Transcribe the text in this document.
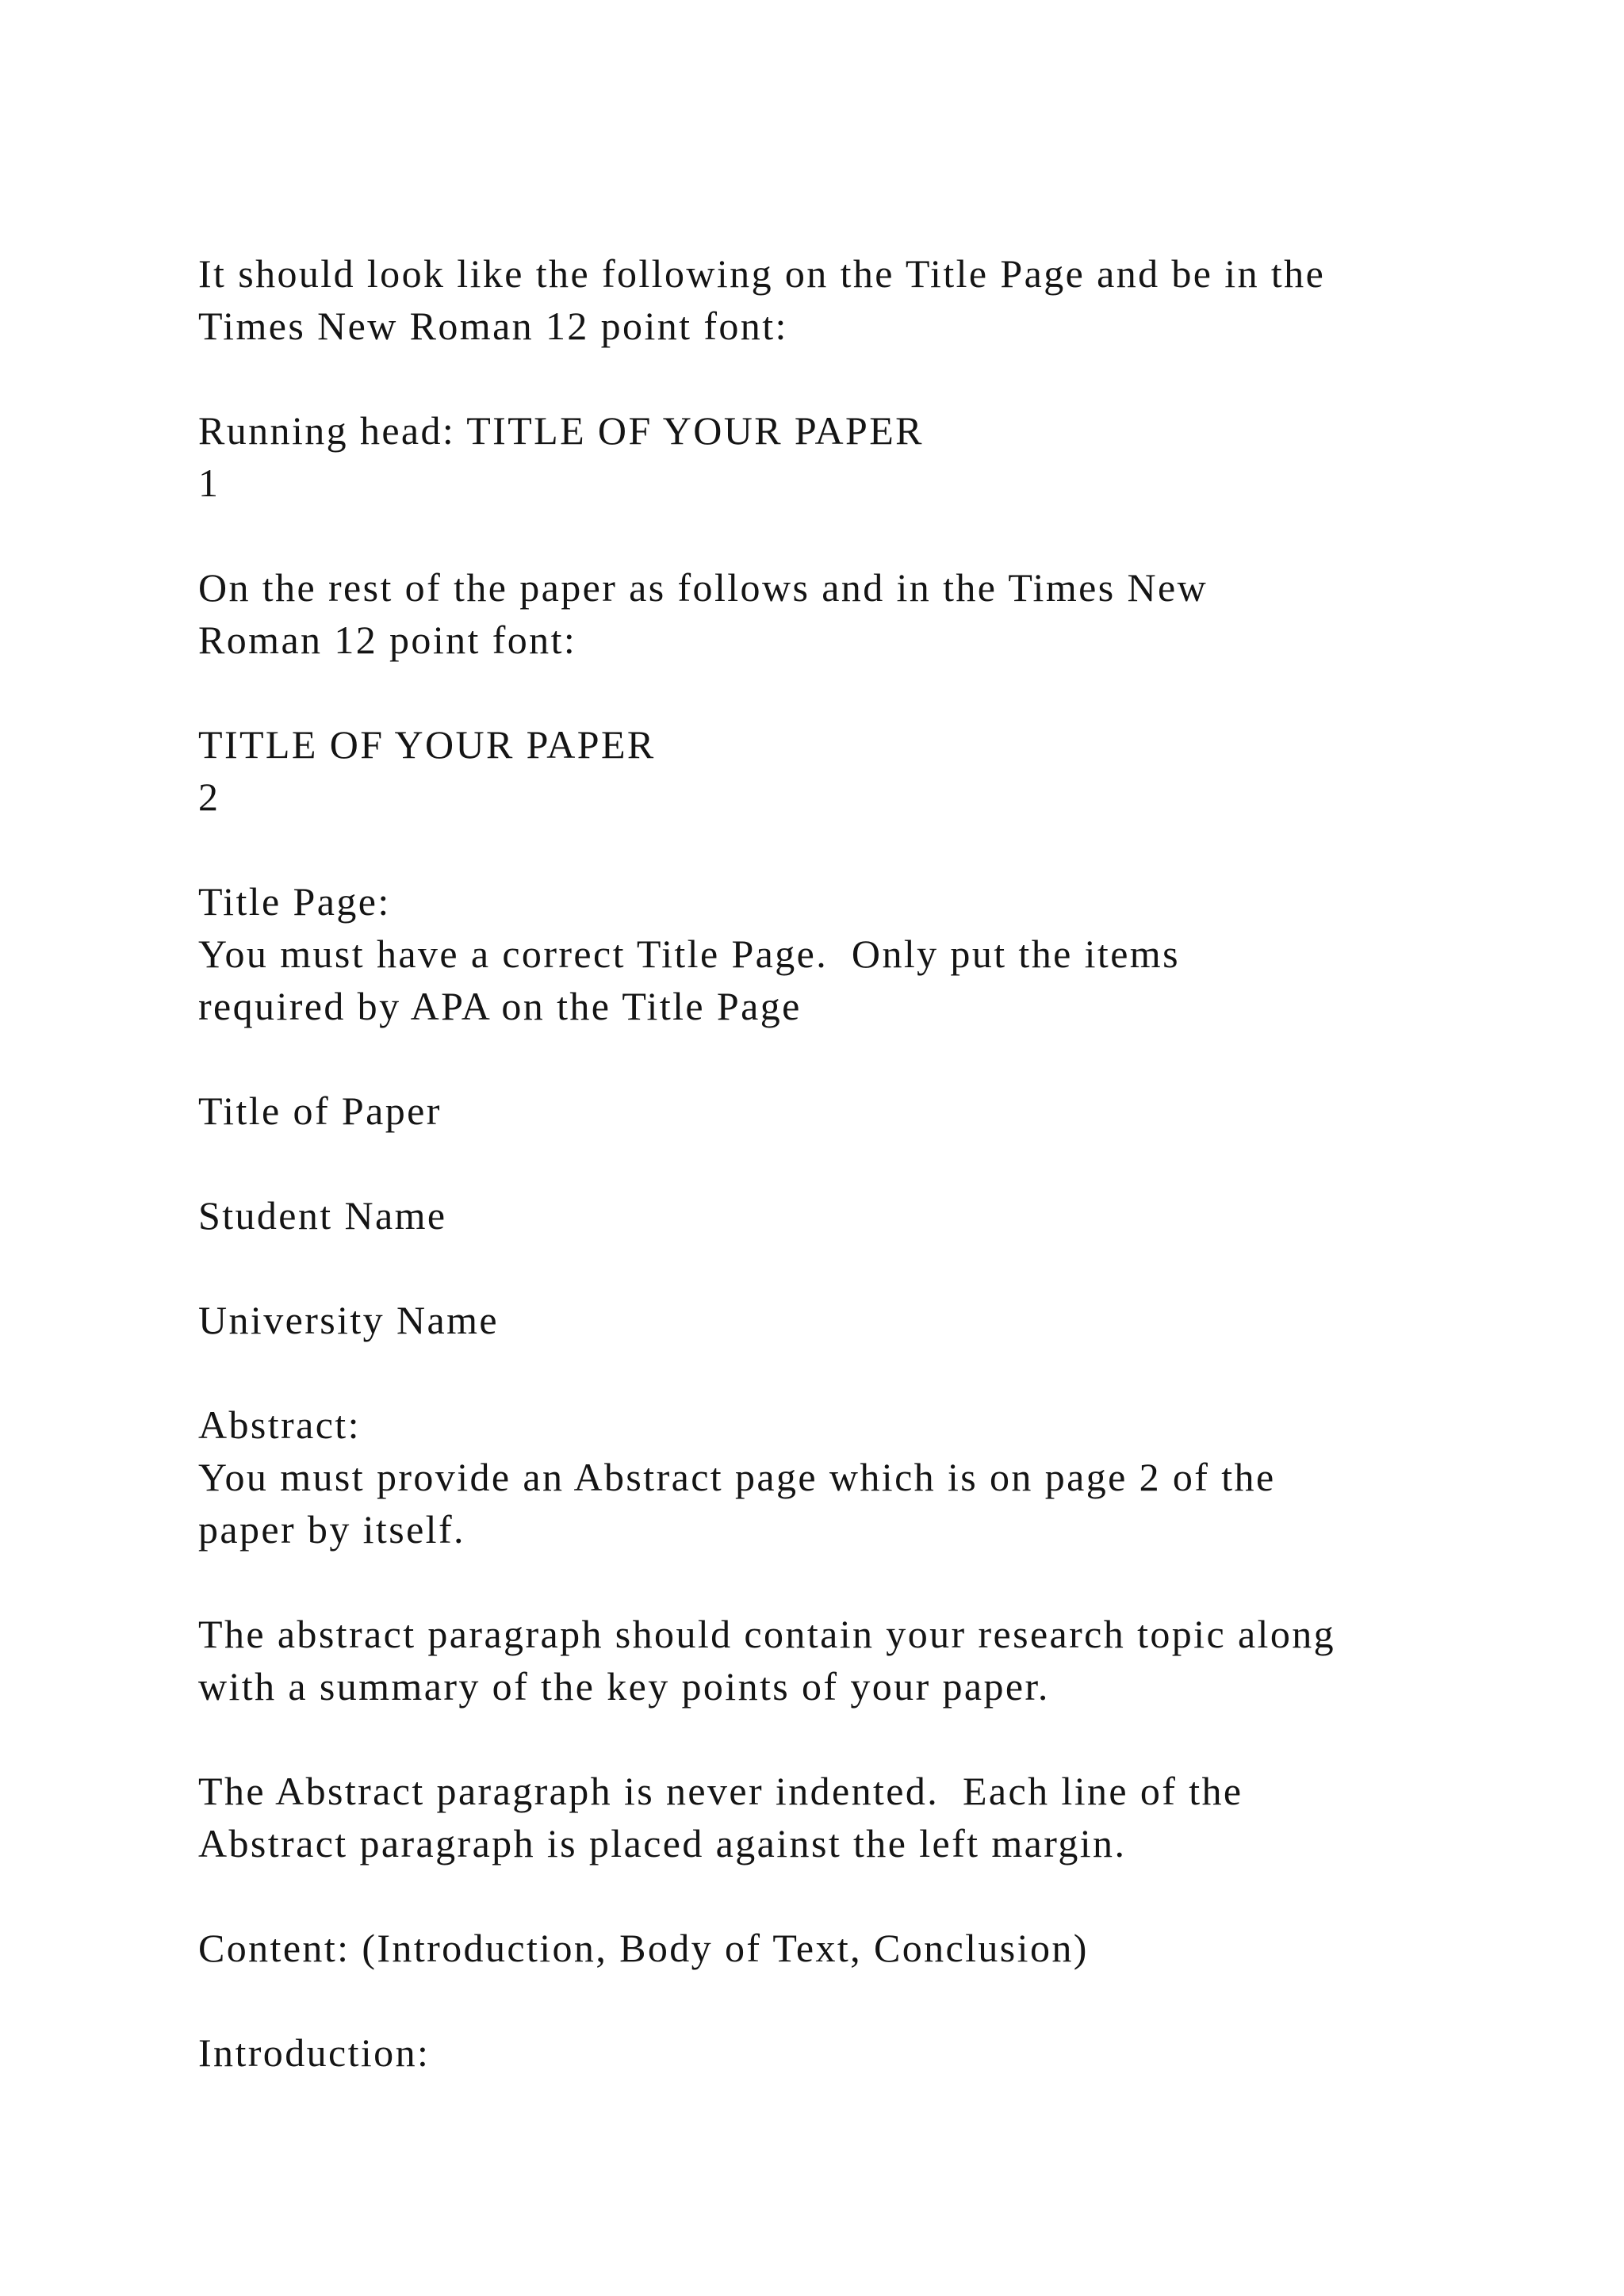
It should look like the following on the Title Page and be in the
Times New Roman 12 point font:
Running head: TITLE OF YOUR PAPER
1
On the rest of the paper as follows and in the Times New
Roman 12 point font:
TITLE OF YOUR PAPER
2
Title Page:
You must have a correct Title Page.  Only put the items
required by APA on the Title Page
Title of Paper
Student Name
University Name
Abstract:
You must provide an Abstract page which is on page 2 of the
paper by itself.
The abstract paragraph should contain your research topic along
with a summary of the key points of your paper.
The Abstract paragraph is never indented.  Each line of the
Abstract paragraph is placed against the left margin.
Content: (Introduction, Body of Text, Conclusion)
Introduction:
